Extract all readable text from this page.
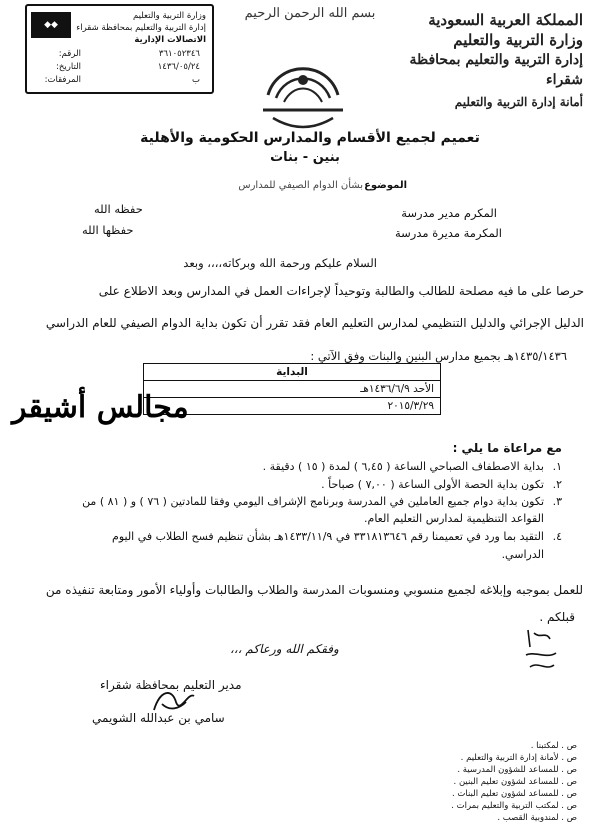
المملكة العربية السعودية
وزارة التربية والتعليم
إدارة التربية والتعليم بمحافظة شقراء
أمانة إدارة التربية والتعليم
بسم الله الرحمن الرحيم
◆◆
وزارة التربية والتعليم
إدارة التربية والتعليم بمحافظة شقراء
الاتصالات الإدارية
الرقم:	٣٦١٠٥٢٣٤٦
التاريخ:	١٤٣٦/٠٥/٢٤
المرفقات:	ب
تعميم لجميع الأقسام والمدارس الحكومية والأهلية
بنين - بنات
الموضوع
بشأن الدوام الصيفي للمدارس
المكرم مدير مدرسة
حفظه الله
المكرمة مديرة مدرسة
حفظها الله
السلام عليكم ورحمة الله وبركاته،،،، وبعد
حرصا على ما فيه مصلحة للطالب والطالبة وتوحيداً لإجراءات العمل في المدارس وبعد الاطلاع على
الدليل الإجرائي والدليل التنظيمي لمدارس التعليم العام فقد تقرر أن تكون بداية الدوام الصيفي للعام الدراسي
١٤٣٥/١٤٣٦هـ بجميع مدارس البنين والبنات وفق الآتي :
البداية
الأحد ١٤٣٦/٦/٩هـ
٢٠١٥/٣/٢٩
مجالس أشيقر
مع مراعاة ما يلي :
١.بداية الاصطفاف الصباحي الساعة ( ٦,٤٥ ) لمدة ( ١٥ ) دقيقة .
٢.تكون بداية الحصة الأولى الساعة ( ٧,٠٠ ) صباحاً .
٣.تكون بداية دوام جميع العاملين في المدرسة وبرنامج الإشراف اليومي وفقا للمادتين ( ٧٦ ) و ( ٨١ ) من
القواعد التنظيمية لمدارس التعليم العام.
٤.التقيد بما ورد في تعميمنا رقم ٣٣١٨١٣٦٤٦ في ١٤٣٣/١١/٩هـ بشأن تنظيم فسح الطلاب في اليوم
الدراسي.
للعمل بموجبه وإبلاغه لجميع منسوبي ومنسوبات المدرسة والطلاب والطالبات وأولياء الأمور ومتابعة تنفيذه من
قبلكم .
وفقكم الله ورعاكم ،،،
مدير التعليم بمحافظة شقراء
سامي بن عبدالله الشويمي
ص . لمكتبنا .
ص . لأمانة إدارة التربية والتعليم .
ص . للمساعد للشؤون المدرسية .
ص . للمساعد لشؤون تعليم البنين .
ص . للمساعد لشؤون تعليم البنات .
ص . لمكتب التربية والتعليم بمرات .
ص . لمندوبية القصب .
